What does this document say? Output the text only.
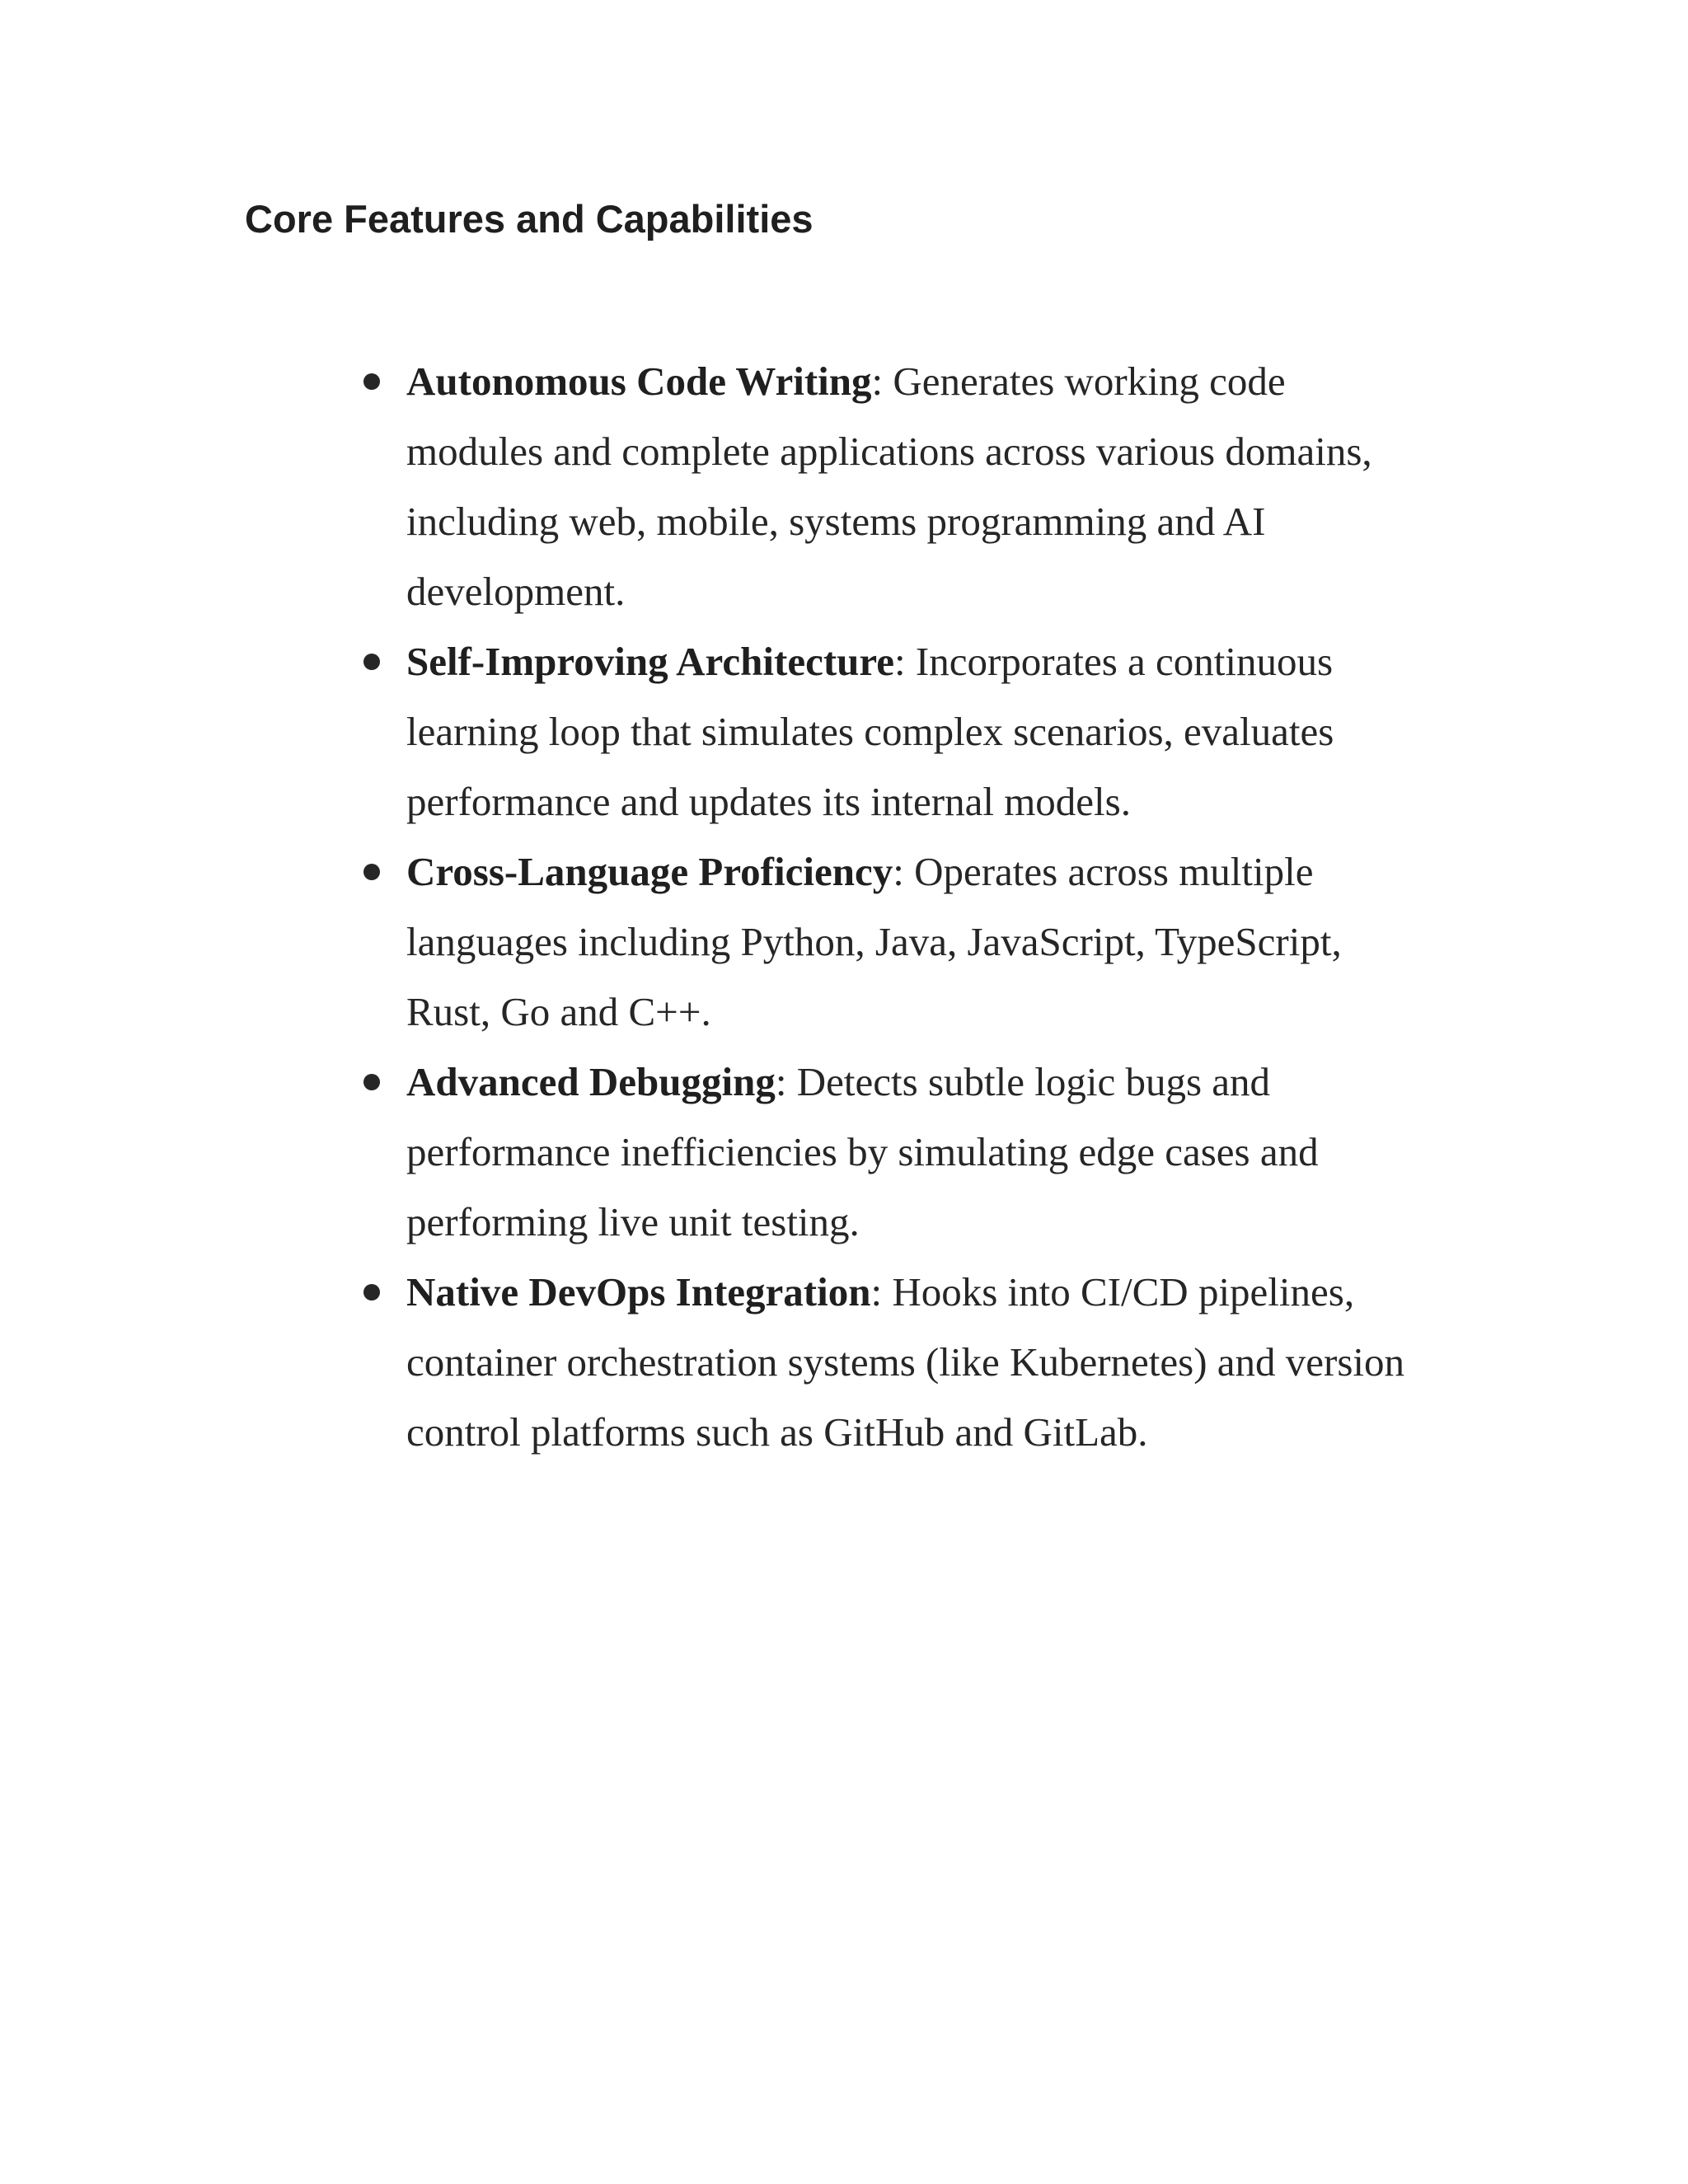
Core Features and Capabilities
Autonomous Code Writing: Generates working code modules and complete applications across various domains, including web, mobile, systems programming and AI development.
Self-Improving Architecture: Incorporates a continuous learning loop that simulates complex scenarios, evaluates performance and updates its internal models.
Cross-Language Proficiency: Operates across multiple languages including Python, Java, JavaScript, TypeScript, Rust, Go and C++.
Advanced Debugging: Detects subtle logic bugs and performance inefficiencies by simulating edge cases and performing live unit testing.
Native DevOps Integration: Hooks into CI/CD pipelines, container orchestration systems (like Kubernetes) and version control platforms such as GitHub and GitLab.
